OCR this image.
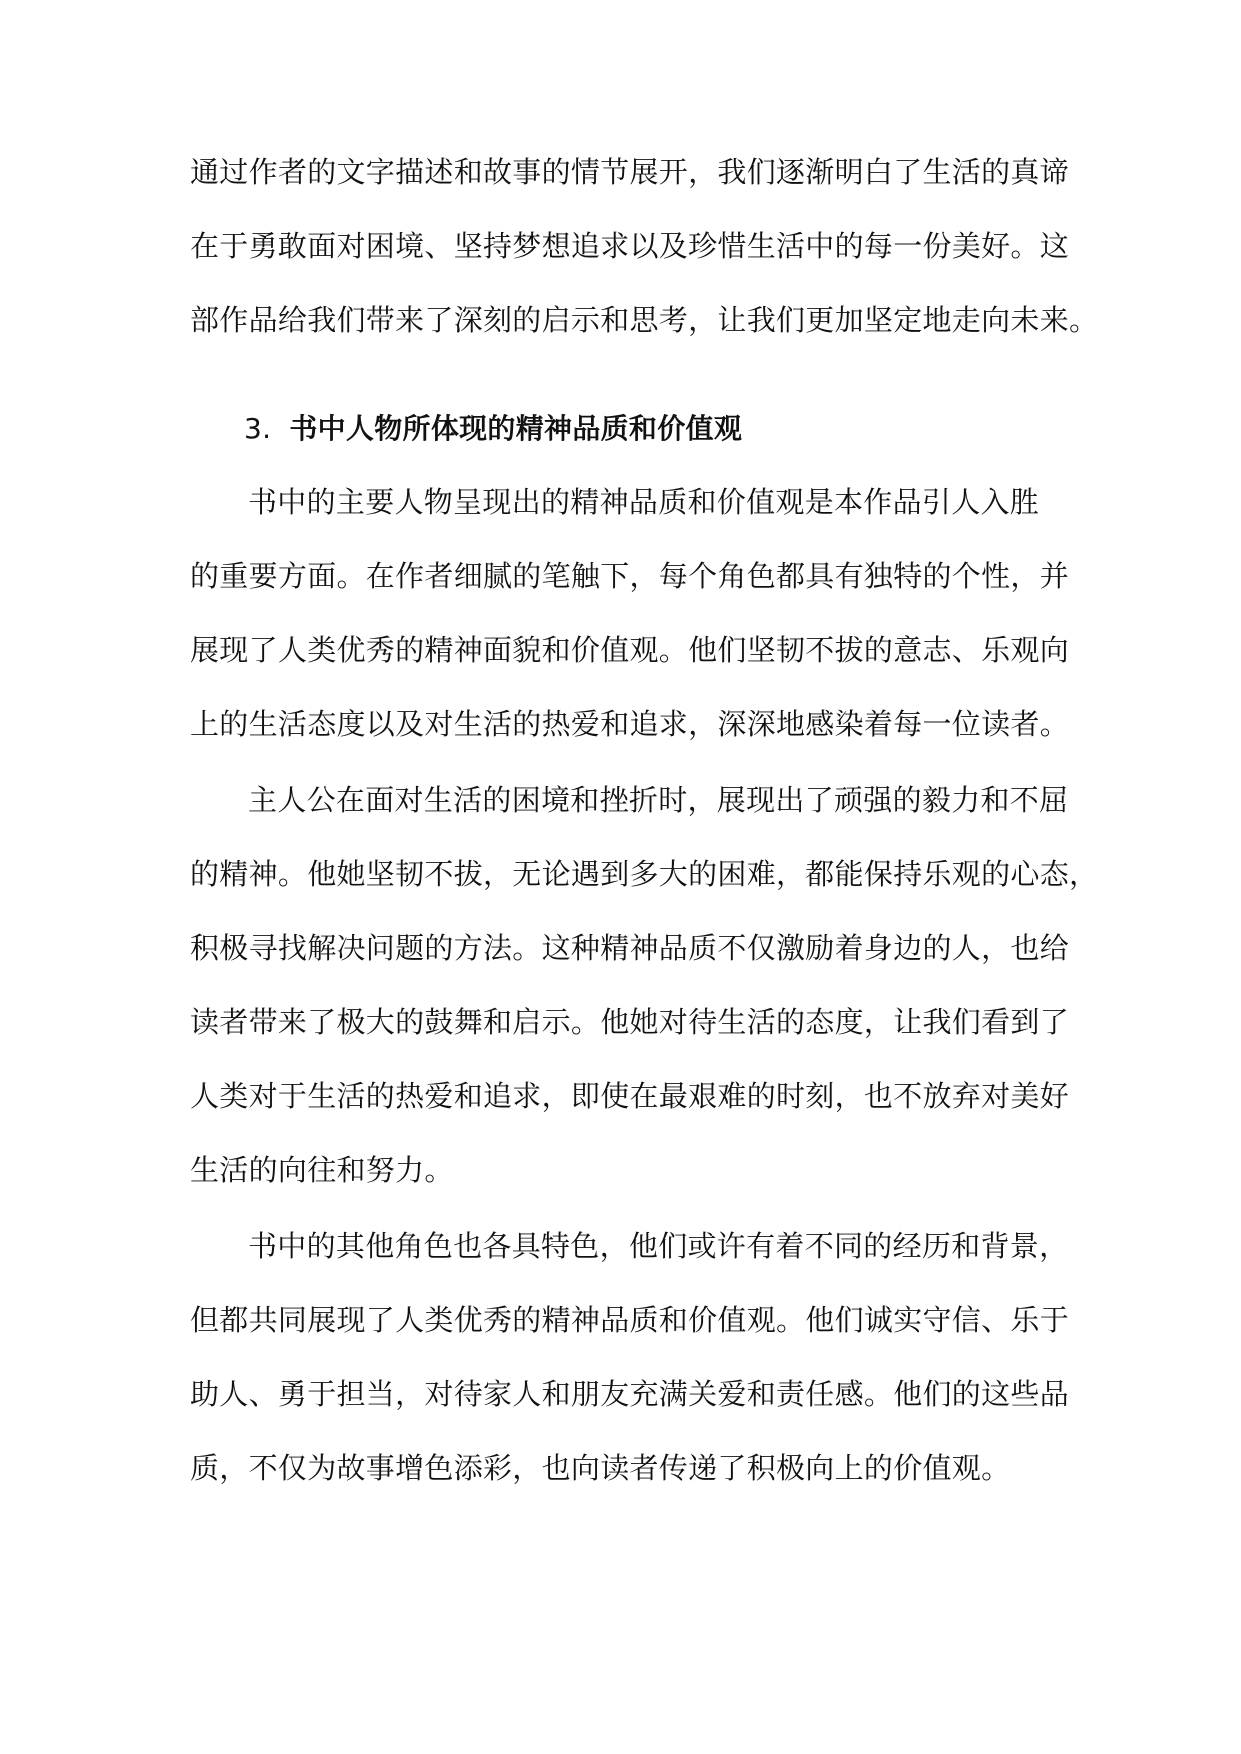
通过作者的文字描述和故事的情节展开，我们逐渐明白了生活的真谛
在于勇敢面对困境、坚持梦想追求以及珍惜生活中的每一份美好。这
部作品给我们带来了深刻的启示和思考，让我们更加坚定地走向未来。
3. 书中人物所体现的精神品质和价值观
书中的主要人物呈现出的精神品质和价值观是本作品引人入胜
的重要方面。在作者细腻的笔触下，每个角色都具有独特的个性，并
展现了人类优秀的精神面貌和价值观。他们坚韧不拔的意志、乐观向
上的生活态度以及对生活的热爱和追求，深深地感染着每一位读者。
主人公在面对生活的困境和挫折时，展现出了顽强的毅力和不屈
的精神。他她坚韧不拔，无论遇到多大的困难，都能保持乐观的心态，
积极寻找解决问题的方法。这种精神品质不仅激励着身边的人，也给
读者带来了极大的鼓舞和启示。他她对待生活的态度，让我们看到了
人类对于生活的热爱和追求，即使在最艰难的时刻，也不放弃对美好
生活的向往和努力。
书中的其他角色也各具特色，他们或许有着不同的经历和背景，
但都共同展现了人类优秀的精神品质和价值观。他们诚实守信、乐于
助人、勇于担当，对待家人和朋友充满关爱和责任感。他们的这些品
质，不仅为故事增色添彩，也向读者传递了积极向上的价值观。
